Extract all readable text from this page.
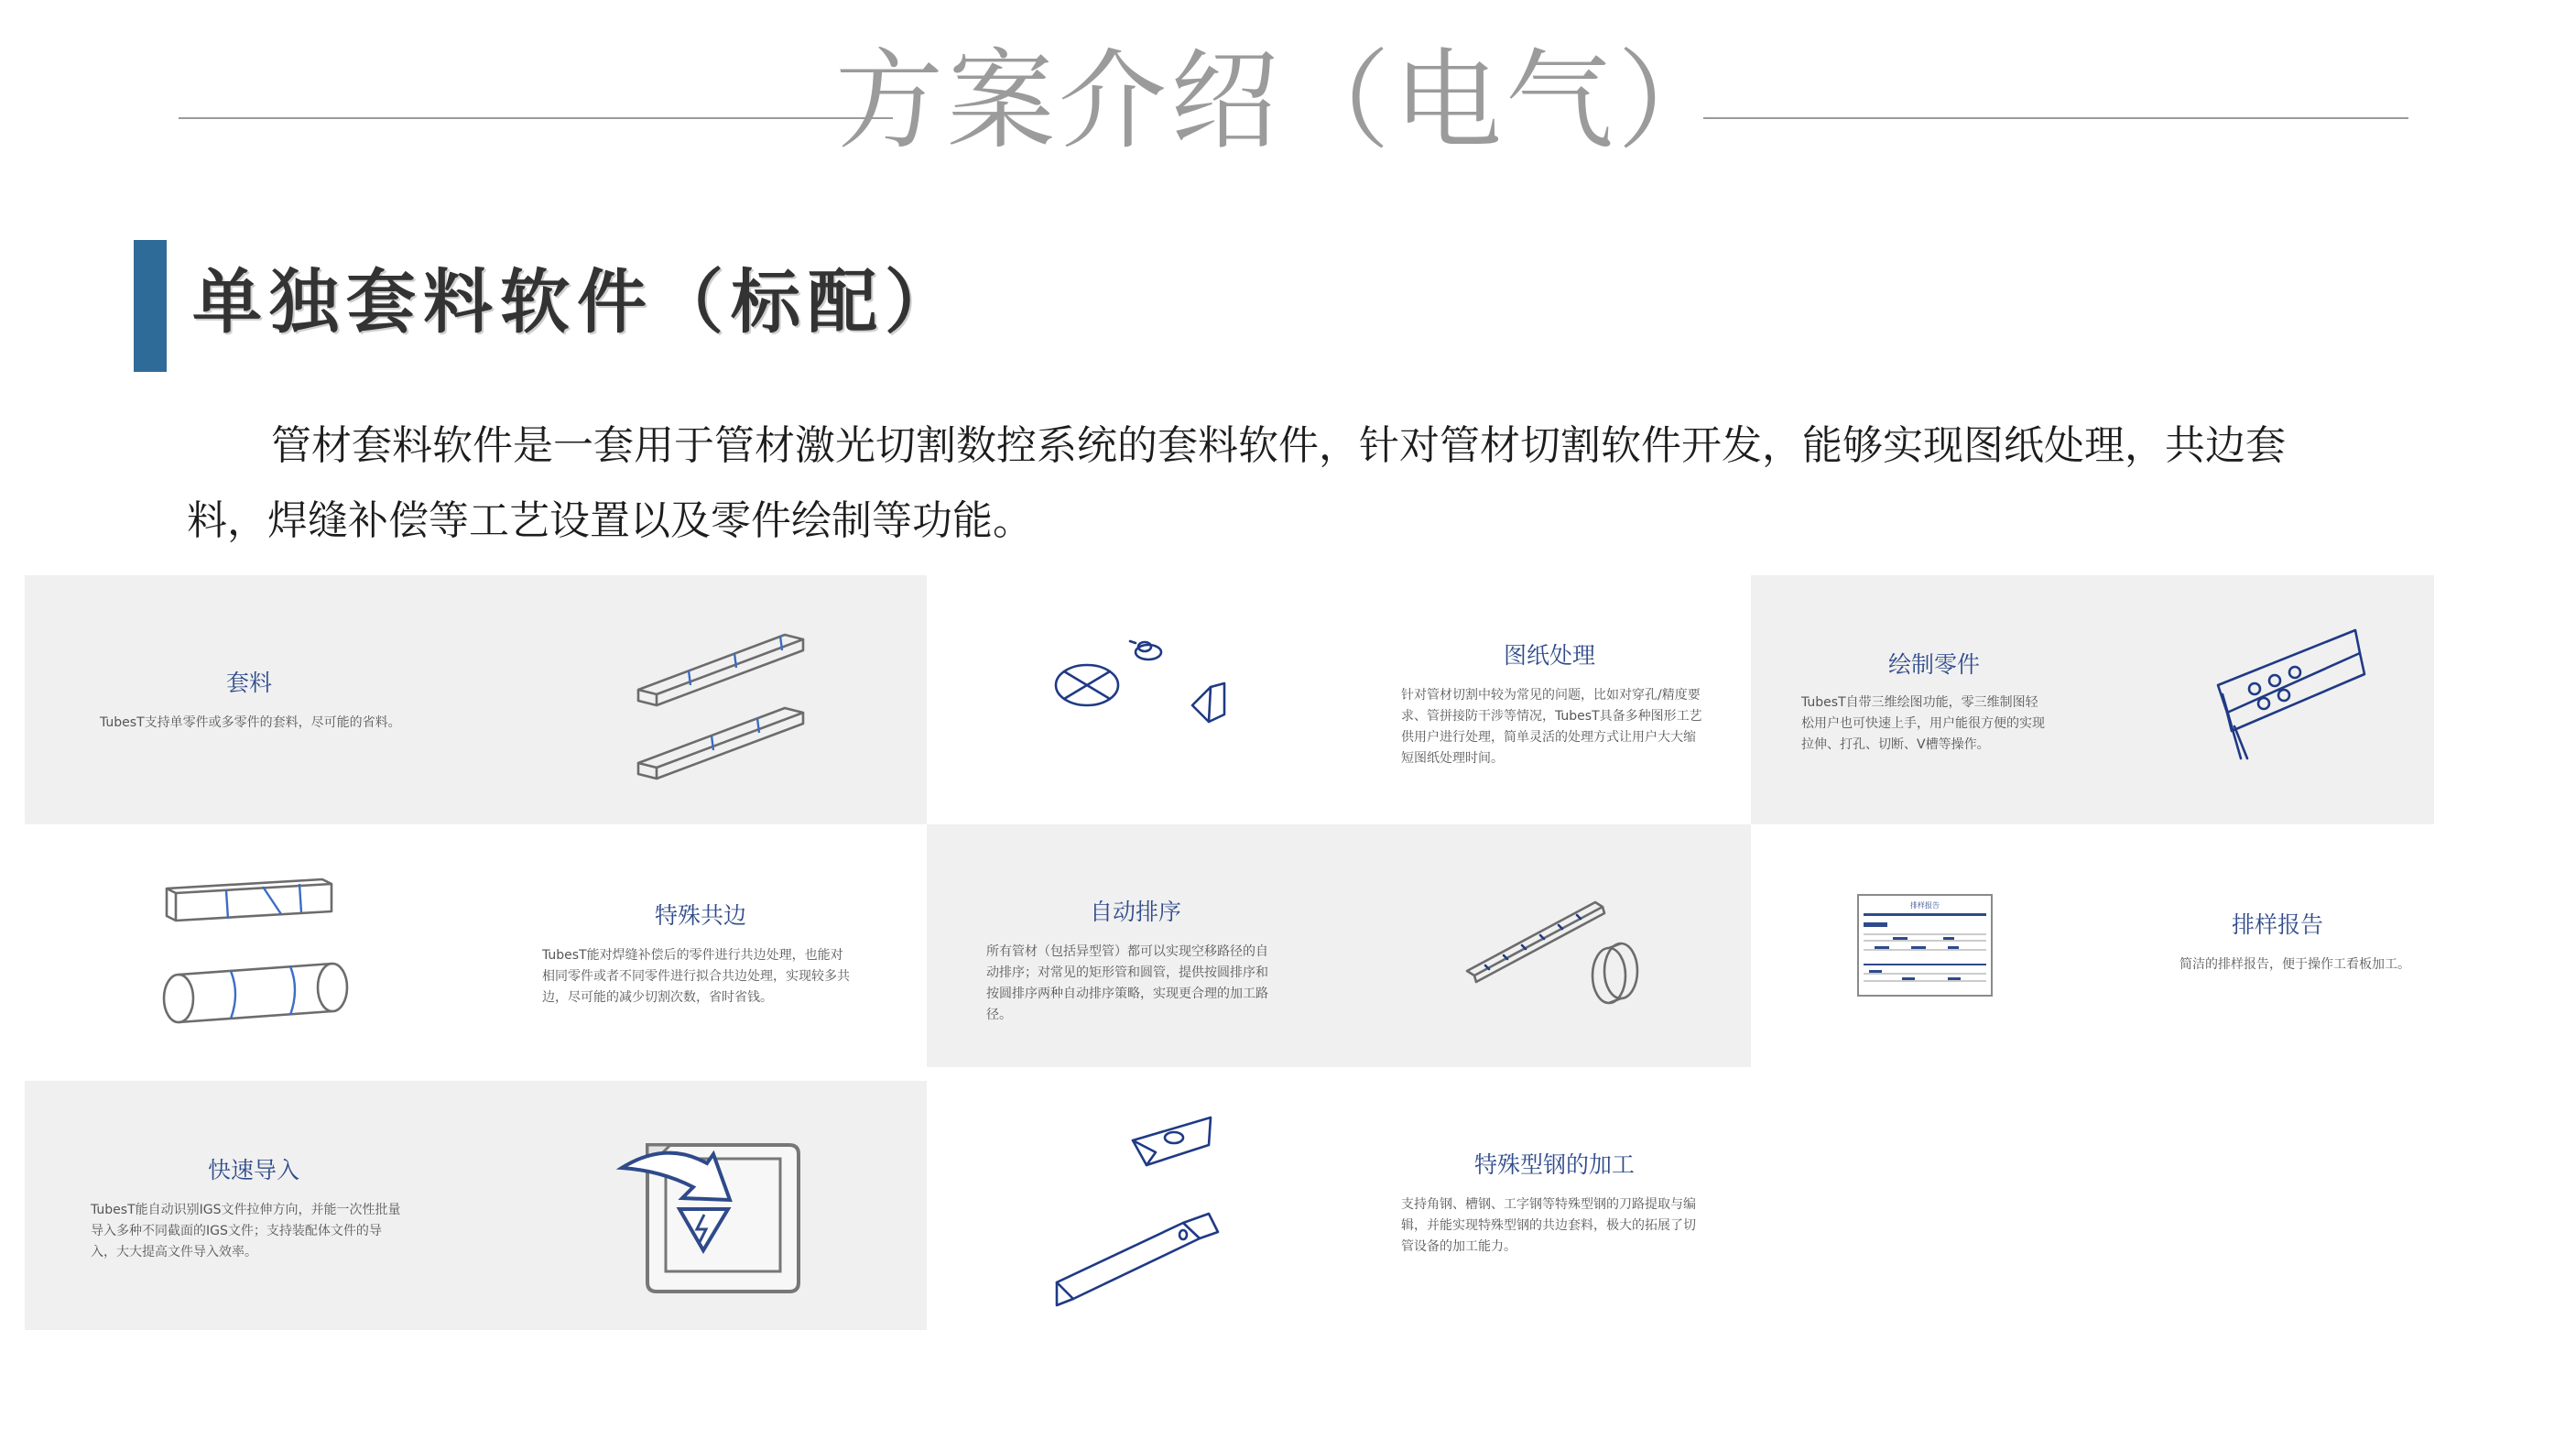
方案介绍（电气）
单独套料软件（标配）
管材套料软件是一套用于管材激光切割数控系统的套料软件，针对管材切割软件开发，能够实现图纸处理，共边套料，焊缝补偿等工艺设置以及零件绘制等功能。
套料
TubesT支持单零件或多零件的套料，尽可能的省料。
图纸处理
针对管材切割中较为常见的问题，比如对穿孔/精度要求、管拼接防干涉等情况，TubesT具备多种图形工艺供用户进行处理，简单灵活的处理方式让用户大大缩短图纸处理时间。
绘制零件
TubesT自带三维绘图功能，零三维制图轻松用户也可快速上手，用户能很方便的实现拉伸、打孔、切断、V槽等操作。
特殊共边
TubesT能对焊缝补偿后的零件进行共边处理，也能对相同零件或者不同零件进行拟合共边处理，实现较多共边，尽可能的减少切割次数，省时省钱。
自动排序
所有管材（包括异型管）都可以实现空移路径的自动排序；对常见的矩形管和圆管，提供按圆排序和按圆排序两种自动排序策略，实现更合理的加工路径。
排样报告
简洁的排样报告，便于操作工看板加工。
排样报告
快速导入
TubesT能自动识别IGS文件拉伸方向，并能一次性批量导入多种不同截面的IGS文件；支持装配体文件的导入，大大提高文件导入效率。
特殊型钢的加工
支持角钢、槽钢、工字钢等特殊型钢的刀路提取与编辑，并能实现特殊型钢的共边套料，极大的拓展了切管设备的加工能力。
